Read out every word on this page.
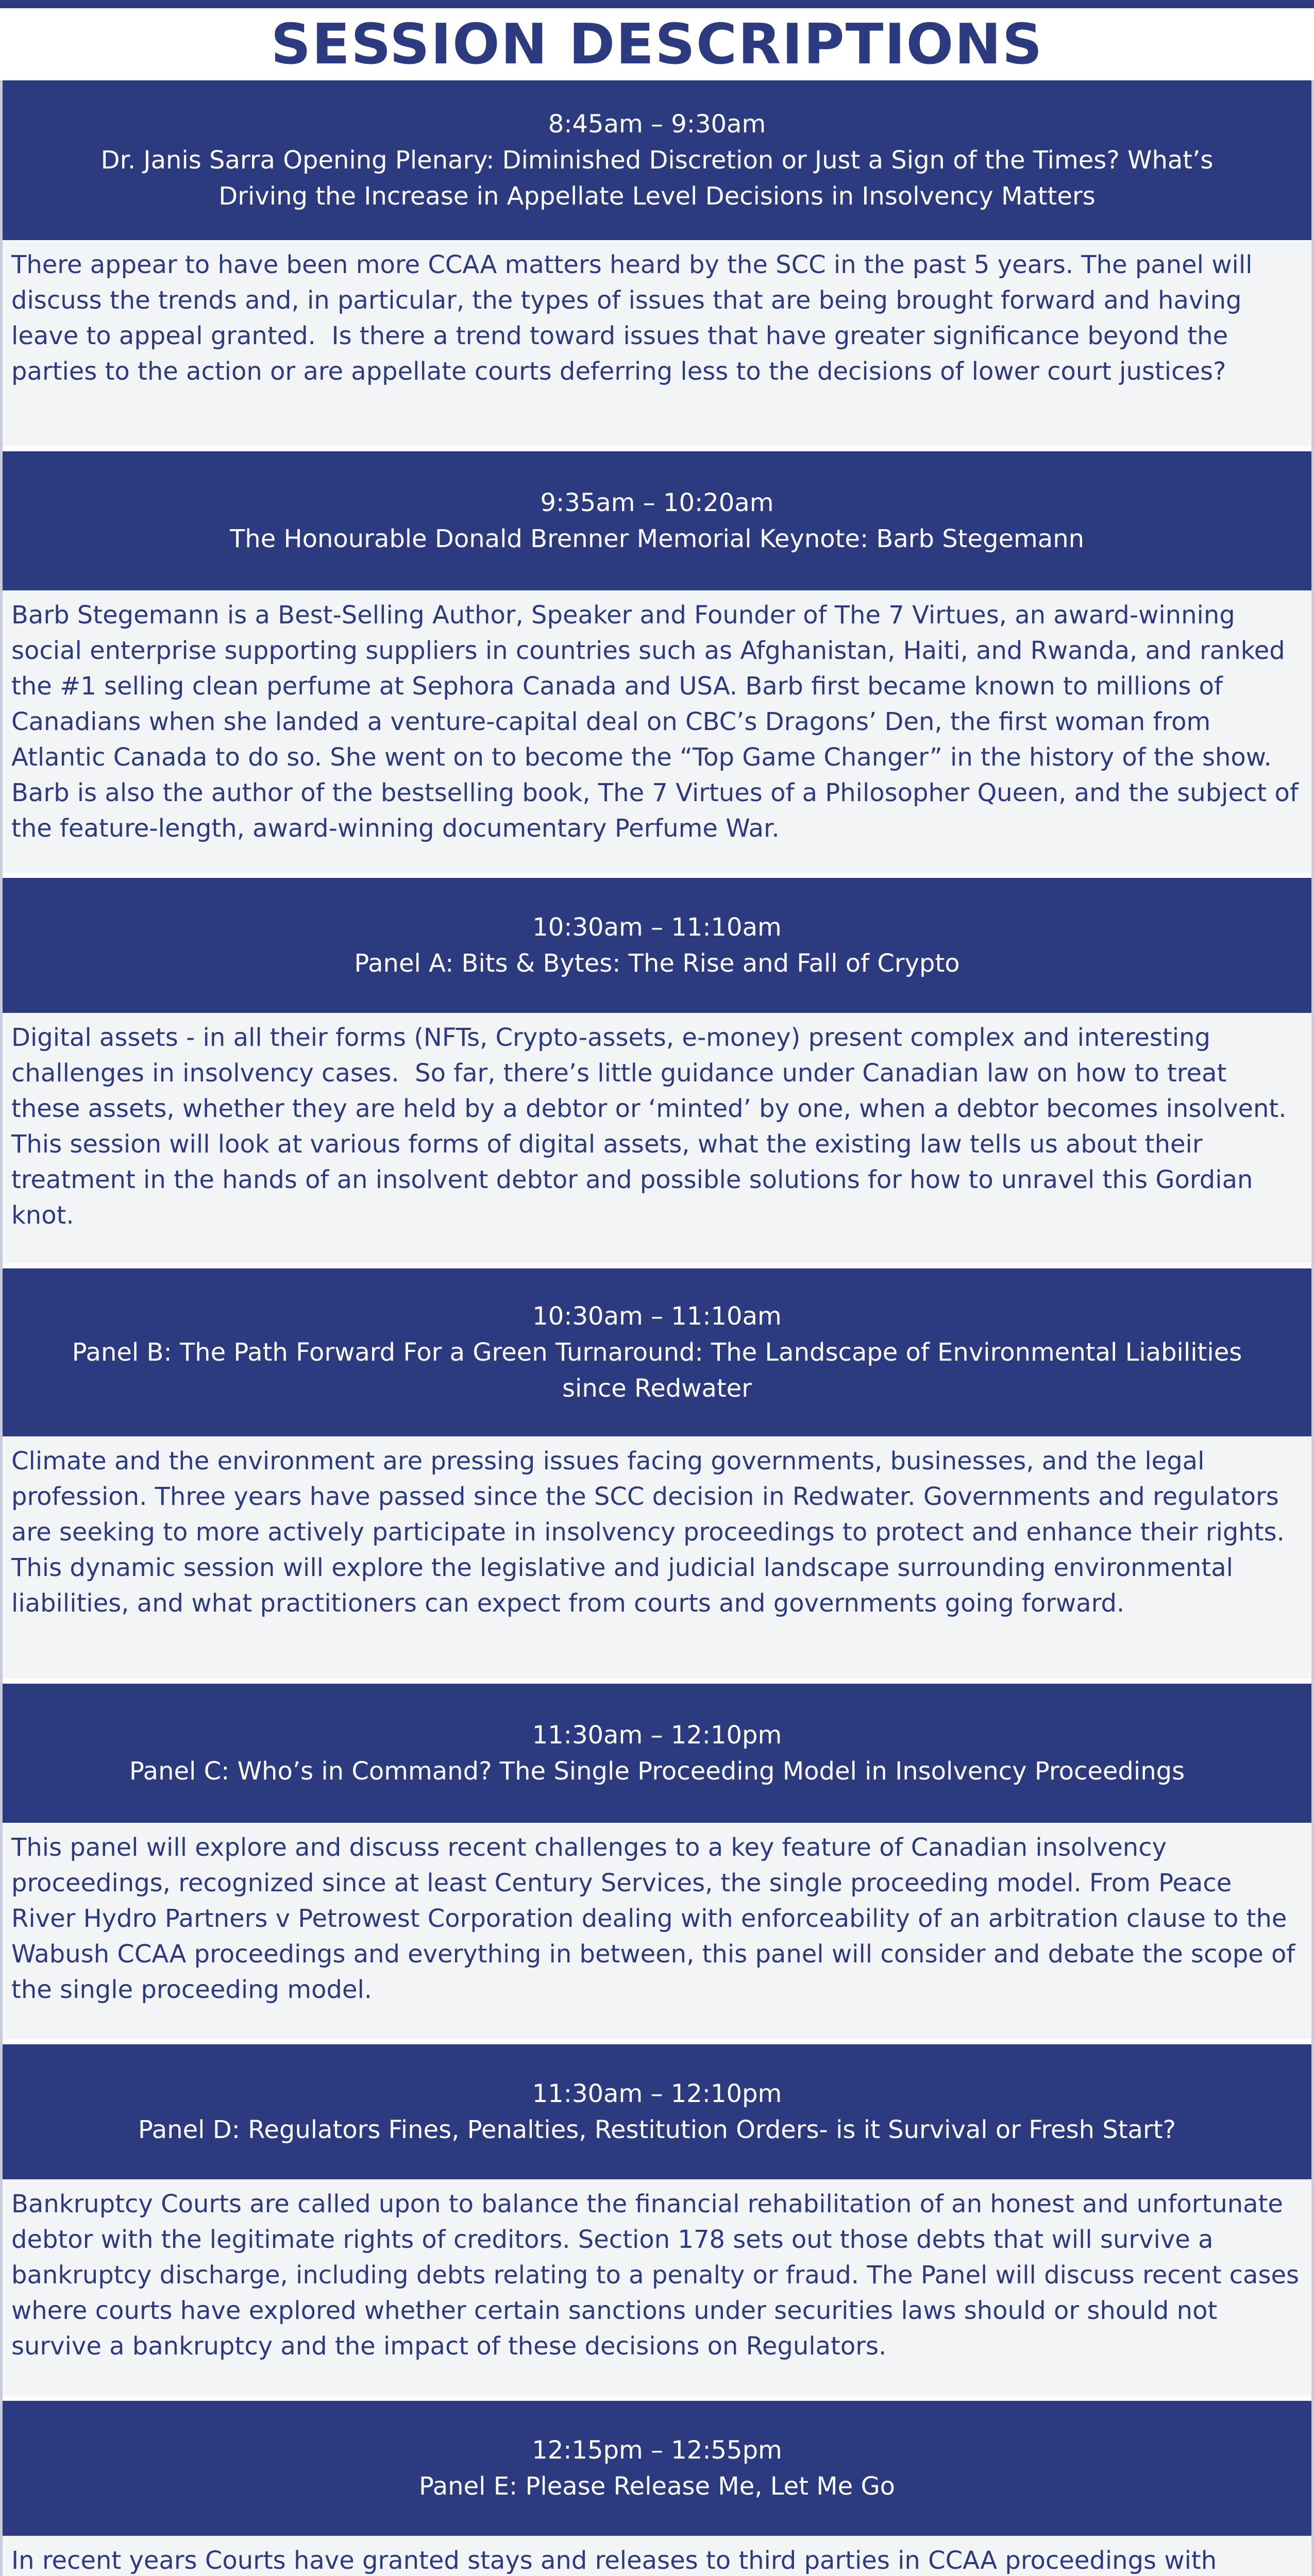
SESSION DESCRIPTIONS
8:45am – 9:30am
Dr. Janis Sarra Opening Plenary: Diminished Discretion or Just a Sign of the Times? What’s Driving the Increase in Appellate Level Decisions in Insolvency Matters
There appear to have been more CCAA matters heard by the SCC in the past 5 years. The panel will discuss the trends and, in particular, the types of issues that are being brought forward and having leave to appeal granted.  Is there a trend toward issues that have greater significance beyond the parties to the action or are appellate courts deferring less to the decisions of lower court justices?
9:35am – 10:20am
The Honourable Donald Brenner Memorial Keynote: Barb Stegemann
Barb Stegemann is a Best-Selling Author, Speaker and Founder of The 7 Virtues, an award-winning social enterprise supporting suppliers in countries such as Afghanistan, Haiti, and Rwanda, and ranked the #1 selling clean perfume at Sephora Canada and USA. Barb first became known to millions of Canadians when she landed a venture-capital deal on CBC’s Dragons’ Den, the first woman from Atlantic Canada to do so. She went on to become the “Top Game Changer” in the history of the show. Barb is also the author of the bestselling book, The 7 Virtues of a Philosopher Queen, and the subject of the feature-length, award-winning documentary Perfume War.
10:30am – 11:10am
Panel A: Bits & Bytes: The Rise and Fall of Crypto
Digital assets - in all their forms (NFTs, Crypto-assets, e-money) present complex and interesting challenges in insolvency cases.  So far, there’s little guidance under Canadian law on how to treat these assets, whether they are held by a debtor or ‘minted’ by one, when a debtor becomes insolvent.  This session will look at various forms of digital assets, what the existing law tells us about their treatment in the hands of an insolvent debtor and possible solutions for how to unravel this Gordian knot.
10:30am – 11:10am
Panel B: The Path Forward For a Green Turnaround: The Landscape of Environmental Liabilities since Redwater
Climate and the environment are pressing issues facing governments, businesses, and the legal profession. Three years have passed since the SCC decision in Redwater. Governments and regulators are seeking to more actively participate in insolvency proceedings to protect and enhance their rights. This dynamic session will explore the legislative and judicial landscape surrounding environmental liabilities, and what practitioners can expect from courts and governments going forward.
11:30am – 12:10pm
Panel C: Who’s in Command? The Single Proceeding Model in Insolvency Proceedings
This panel will explore and discuss recent challenges to a key feature of Canadian insolvency proceedings, recognized since at least Century Services, the single proceeding model. From Peace River Hydro Partners v Petrowest Corporation dealing with enforceability of an arbitration clause to the Wabush CCAA proceedings and everything in between, this panel will consider and debate the scope of the single proceeding model.
11:30am – 12:10pm
Panel D: Regulators Fines, Penalties, Restitution Orders- is it Survival or Fresh Start?
Bankruptcy Courts are called upon to balance the financial rehabilitation of an honest and unfortunate debtor with the legitimate rights of creditors. Section 178 sets out those debts that will survive a bankruptcy discharge, including debts relating to a penalty or fraud. The Panel will discuss recent cases where courts have explored whether certain sanctions under securities laws should or should not survive a bankruptcy and the impact of these decisions on Regulators.
12:15pm – 12:55pm
Panel E: Please Release Me, Let Me Go
In recent years Courts have granted stays and releases to third parties in CCAA proceedings with
